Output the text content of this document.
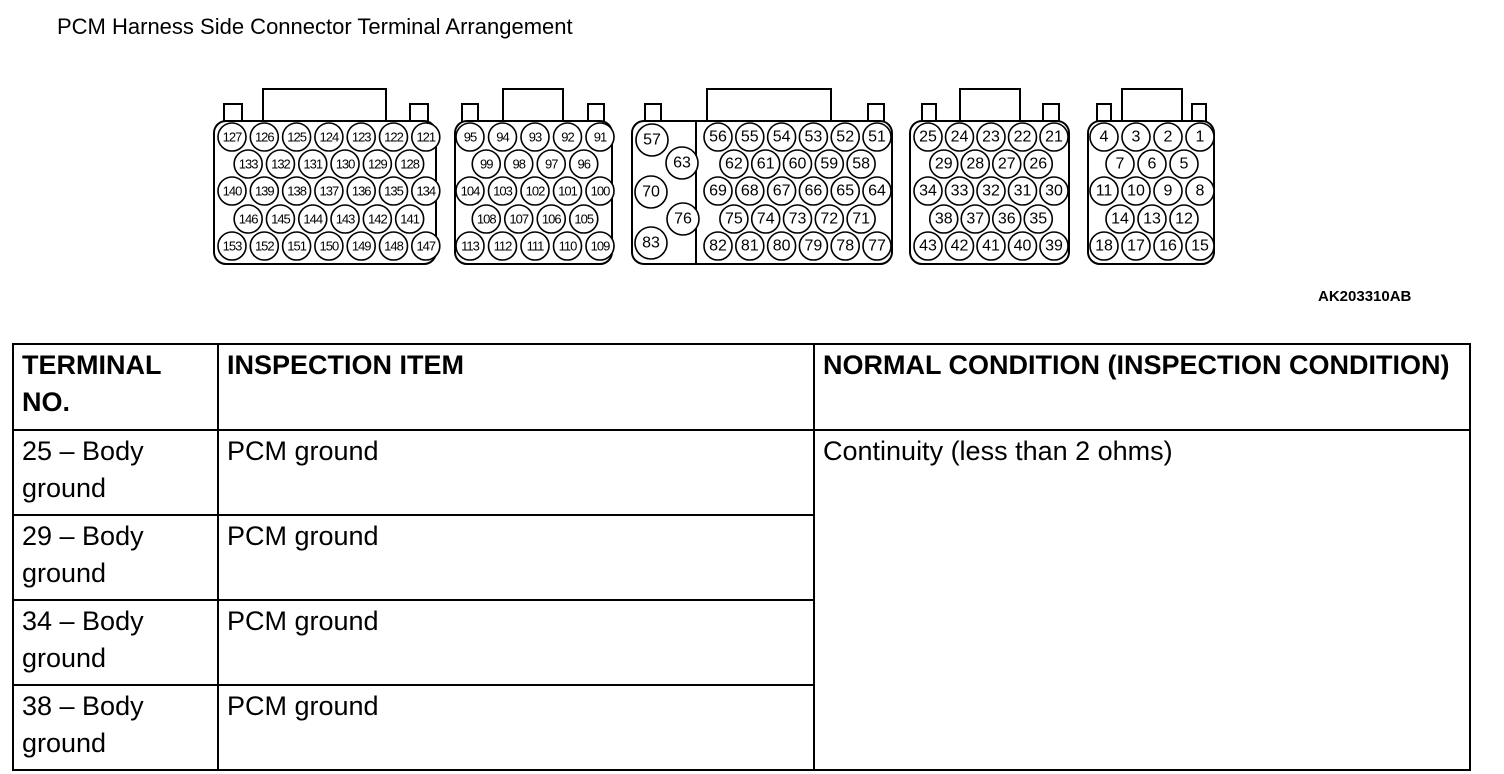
PCM Harness Side Connector Terminal Arrangement
127 126 125 124 123 122 121
133 132 131 130 129 128
140 139 138 137 136 135 134
146 145 144 143 142 141
153 152 151 150 149 148 147
95 94 93 92 91
99 98 97 96
104 103 102 101 100
108 107 106 105
113 112 111 110 109
57
63
70
76
83
56 55 54 53 52 51
62 61 60 59 58
69 68 67 66 65 64
75 74 73 72 71
82 81 80 79 78 77
25 24 23 22 21
29 28 27 26
34 33 32 31 30
38 37 36 35
43 42 41 40 39
4 3 2 1
7 6 5
11 10 9 8
14 13 12
18 17 16 15
AK203310AB
TERMINAL NO.	INSPECTION ITEM	NORMAL CONDITION (INSPECTION CONDITION)
25 – Body ground	PCM ground	Continuity (less than 2 ohms)
29 – Body ground	PCM ground	
34 – Body ground	PCM ground	
38 – Body ground	PCM ground	
